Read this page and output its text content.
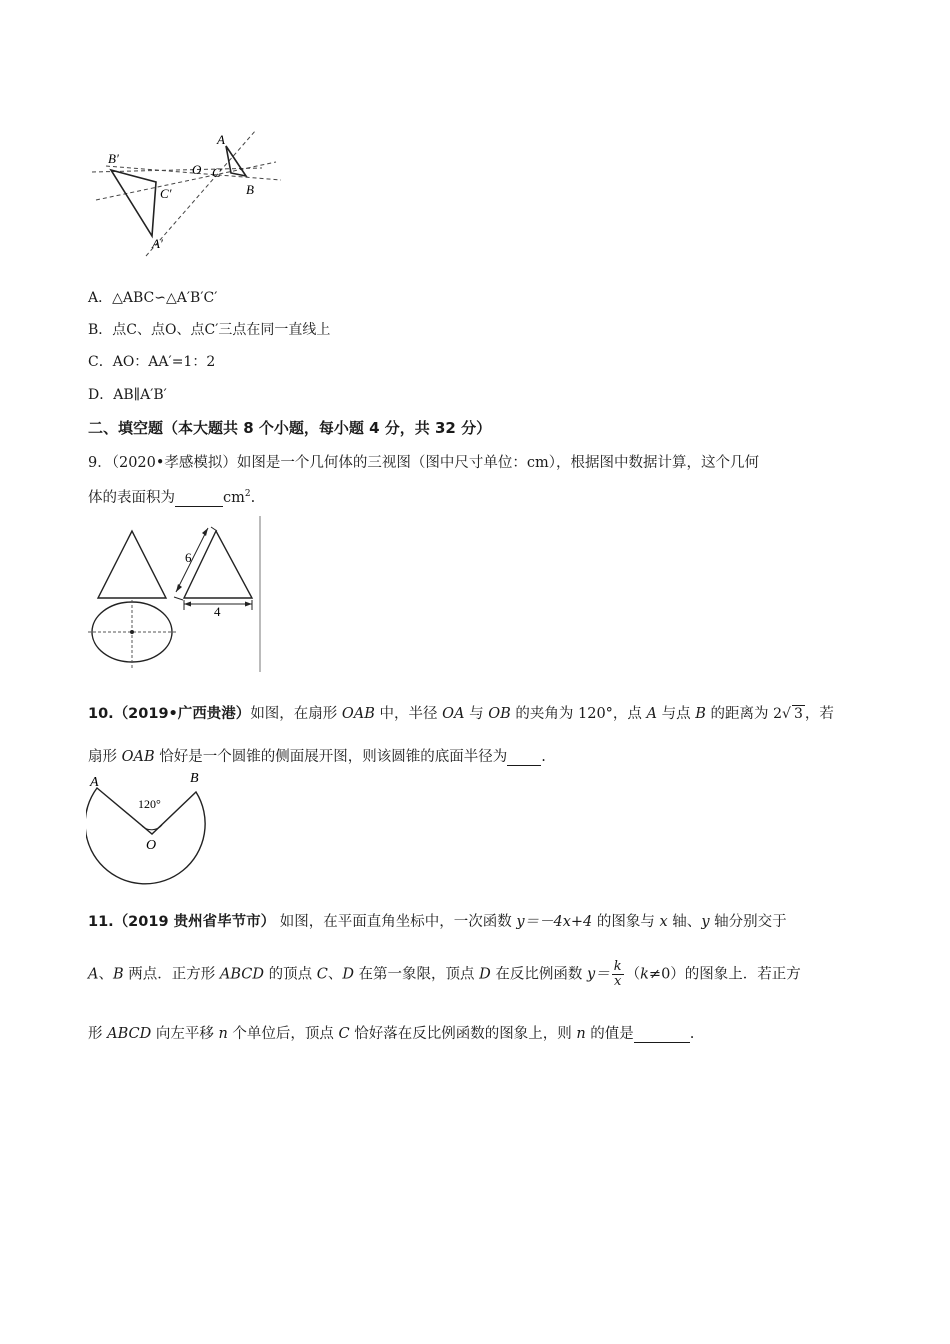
B′
C′
A′
O
A
C
B
A．△ABC∽△A′B′C′
B．点C、点O、点C′三点在同一直线上
C．AO：AA′=1：2
D．AB∥A′B′
二、填空题（本大题共 8 个小题，每小题 4 分，共 32 分）
9．（2020•孝感模拟）如图是一个几何体的三视图（图中尺寸单位：cm），根据图中数据计算，这个几何
体的表面积为	$cm^2$.
6
4
10.（2019•广西贵港）如图，在扇形 OAB 中，半径 OA 与 OB 的夹角为 120°，点 A 与点 B 的距离为 2√ 3 ，若
扇形 OAB 恰好是一个圆锥的侧面展开图，则该圆锥的底面半径为 .
A	B
O
120°
11.（2019 贵州省毕节市） 如图，在平面直角坐标中，一次函数 y＝－4x+4 的图象与 x 轴、y 轴分别交于
A、B 两点．正方形 ABCD 的顶点 C、D 在第一象限，顶点 D 在反比例函数 $y= \frac{k}{x} (k\ne 0)$的图象上．若正方
形 ABCD 向左平移 n 个单位后，顶点 C 恰好落在反比例函数的图象上，则 n 的值是	.
